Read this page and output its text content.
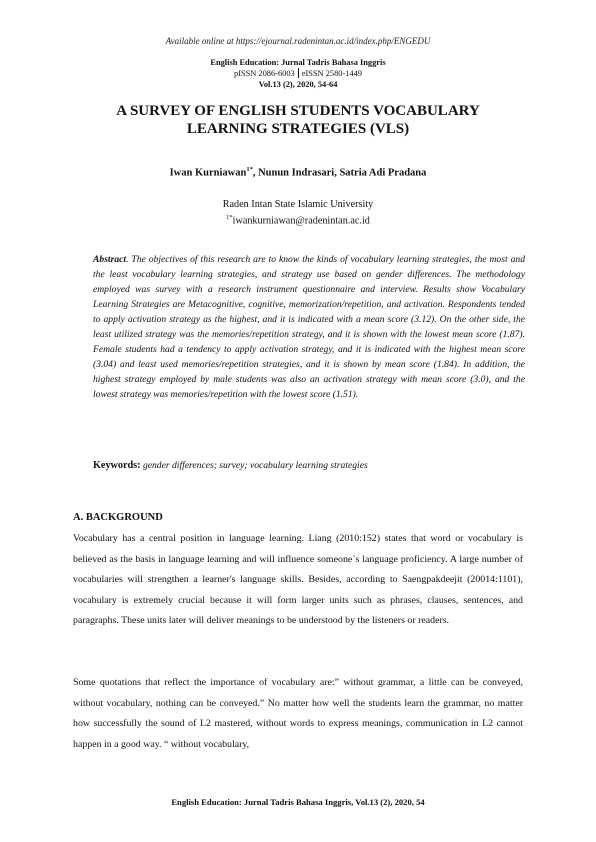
Available online at https://ejournal.radenintan.ac.id/index.php/ENGEDU
English Education: Jurnal Tadris Bahasa Inggris
pISSN 2086-6003 eISSN 2580-1449
Vol.13 (2), 2020, 54-64
A SURVEY OF ENGLISH STUDENTS VOCABULARY
LEARNING STRATEGIES (VLS)
Iwan Kurniawan$^{1*}$, Nunun Indrasari, Satria Adi Pradana
Raden Intan State Islamic University
$^{1*}$iwankurniawan@radenintan.ac.id
Abstract. The objectives of this research are to know the kinds of vocabulary learning strategies, the most and the least vocabulary learning strategies, and strategy use based on gender differences. The methodology employed was survey with a research instrument questionnaire and interview. Results show Vocabulary Learning Strategies are Metacognitive, cognitive, memorization/repetition, and activation. Respondents tended to apply activation strategy as the highest, and it is indicated with a mean score (3.12). On the other side, the least utilized strategy was the memories/repetition strategy, and it is shown with the lowest mean score (1.87). Female students had a tendency to apply activation strategy, and it is indicated with the highest mean score (3.04) and least used memories/repetition strategies, and it is shown by mean score (1.84). In addition, the highest strategy employed by male students was also an activation strategy with mean score (3.0), and the lowest strategy was memories/repetition with the lowest score (1.51).
Keywords: gender differences; survey; vocabulary learning strategies
A. BACKGROUND
Vocabulary has a central position in language learning. Liang (2010:152) states that word or vocabulary is believed as the basis in language learning and will influence someone`s language proficiency. A large number of vocabularies will strengthen a learner's language skills. Besides, according to Saengpakdeejit (20014:1101), vocabulary is extremely crucial because it will form larger units such as phrases, clauses, sentences, and paragraphs. These units later will deliver meanings to be understood by the listeners or readers.
Some quotations that reflect the importance of vocabulary are:” without grammar, a little can be conveyed, without vocabulary, nothing can be conveyed.” No matter how well the students learn the grammar, no matter how successfully the sound of L2 mastered, without words to express meanings, communication in L2 cannot happen in a good way. “ without vocabulary,
English Education: Jurnal Tadris Bahasa Inggris, Vol.13 (2), 2020, 54
